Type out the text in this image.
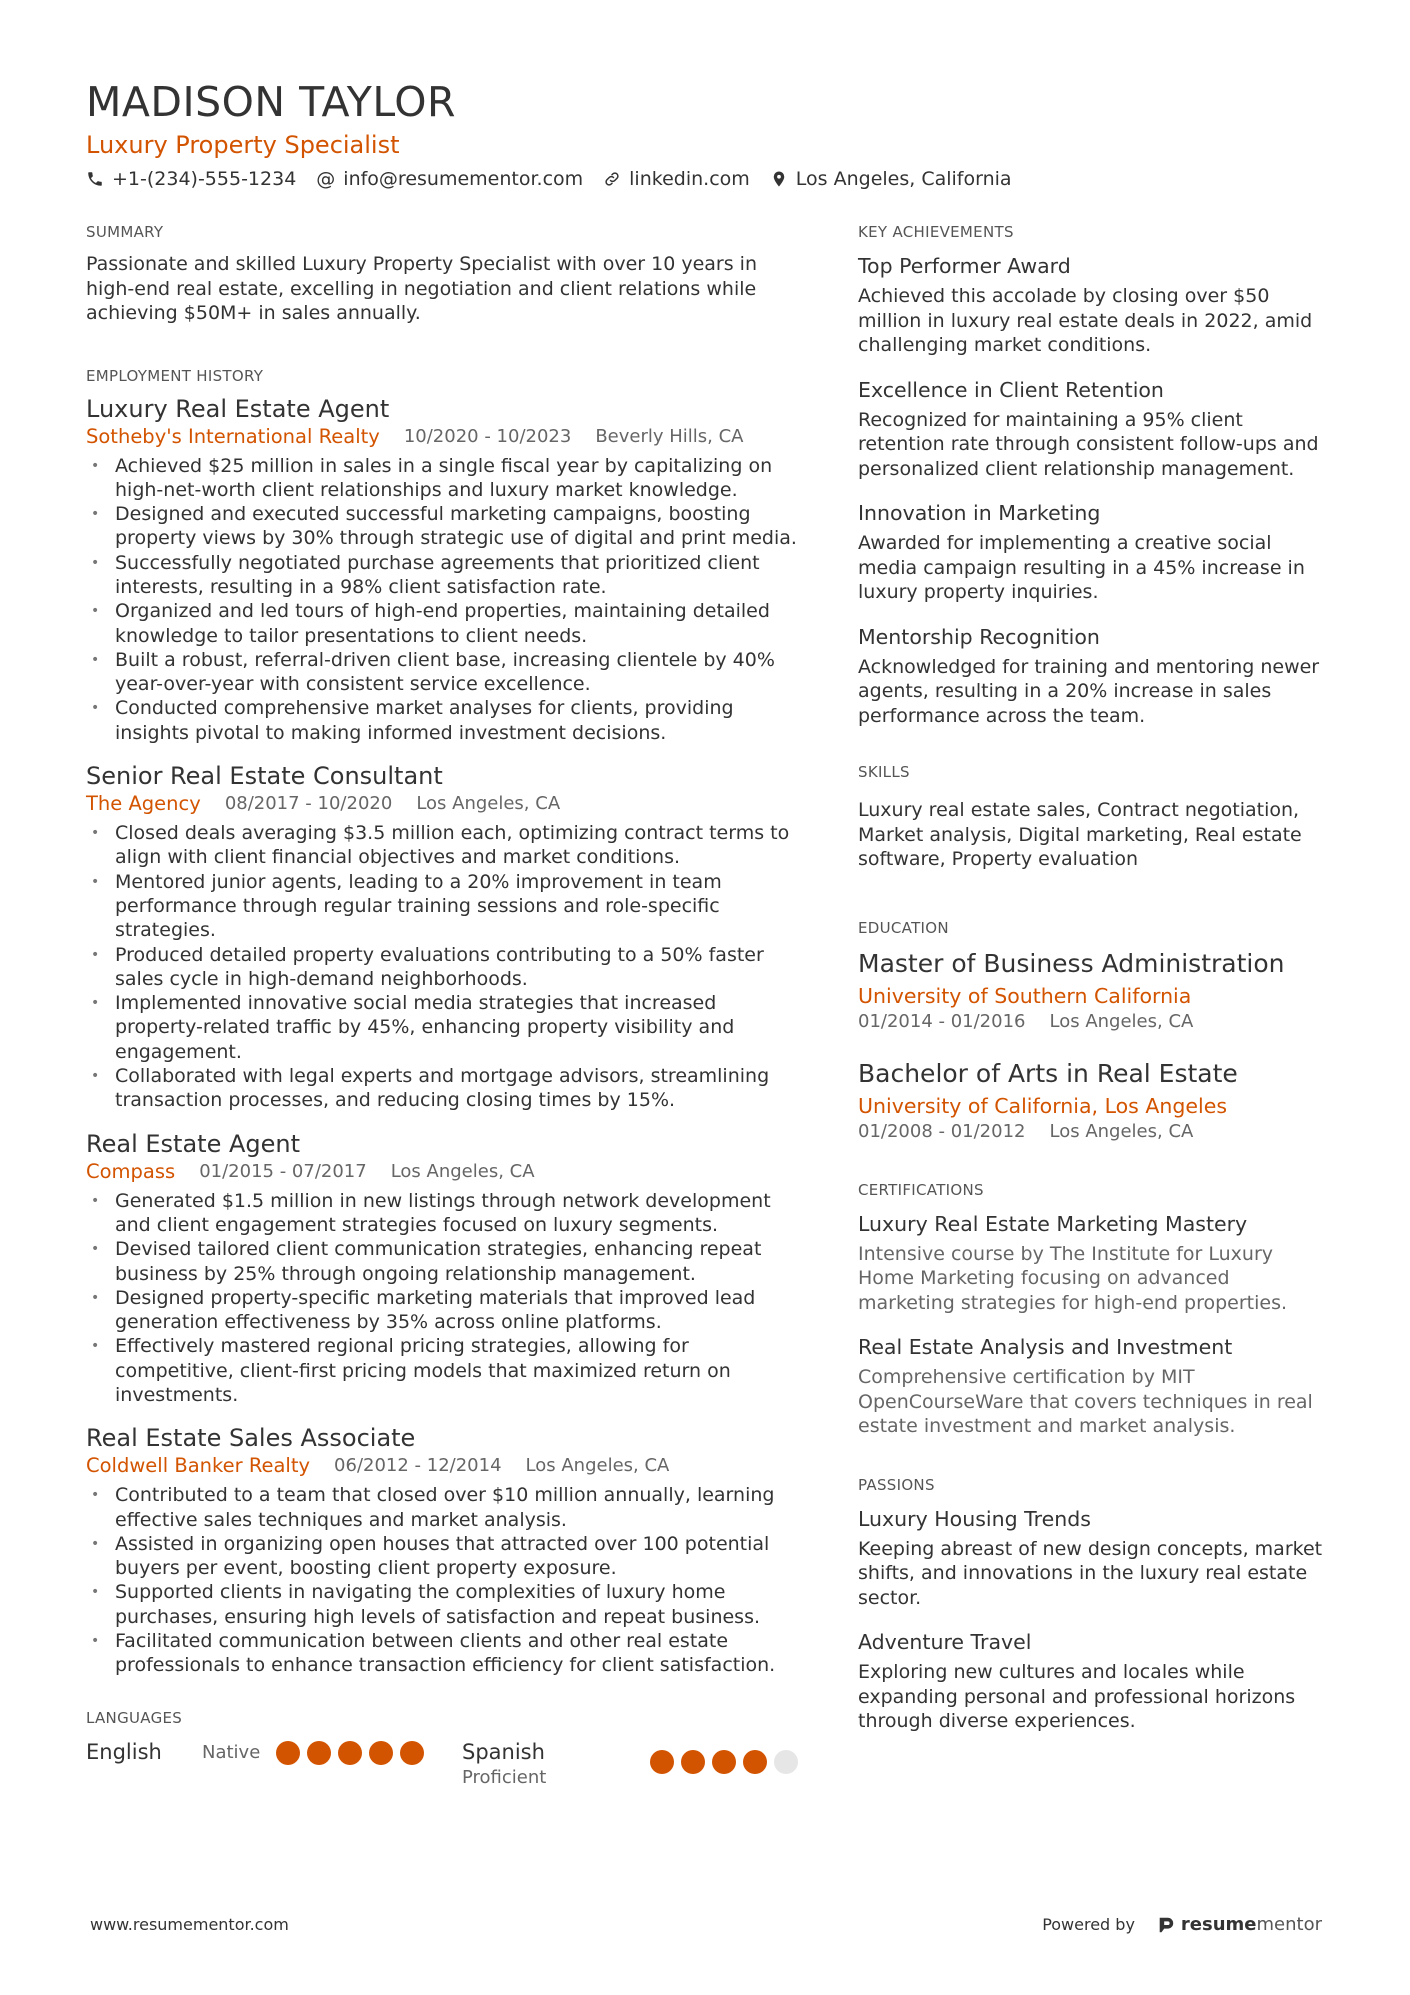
MADISON TAYLOR
Luxury Property Specialist
+1-(234)-555-1234 @ info@resumementor.com linkedin.com Los Angeles, California
SUMMARY
Passionate and skilled Luxury Property Specialist with over 10 years in high-end real estate, excelling in negotiation and client relations while achieving $50M+ in sales annually.
EMPLOYMENT HISTORY
Luxury Real Estate Agent
Sotheby's International Realty 10/2020 - 10/2023 Beverly Hills, CA
• Achieved $25 million in sales in a single fiscal year by capitalizing on high-net-worth client relationships and luxury market knowledge.
• Designed and executed successful marketing campaigns, boosting property views by 30% through strategic use of digital and print media.
• Successfully negotiated purchase agreements that prioritized client interests, resulting in a 98% client satisfaction rate.
• Organized and led tours of high-end properties, maintaining detailed knowledge to tailor presentations to client needs.
• Built a robust, referral-driven client base, increasing clientele by 40% year-over-year with consistent service excellence.
• Conducted comprehensive market analyses for clients, providing insights pivotal to making informed investment decisions.
Senior Real Estate Consultant
The Agency 08/2017 - 10/2020 Los Angeles, CA
• Closed deals averaging $3.5 million each, optimizing contract terms to align with client financial objectives and market conditions.
• Mentored junior agents, leading to a 20% improvement in team performance through regular training sessions and role-specific strategies.
• Produced detailed property evaluations contributing to a 50% faster sales cycle in high-demand neighborhoods.
• Implemented innovative social media strategies that increased property-related traffic by 45%, enhancing property visibility and engagement.
• Collaborated with legal experts and mortgage advisors, streamlining transaction processes, and reducing closing times by 15%.
Real Estate Agent
Compass 01/2015 - 07/2017 Los Angeles, CA
• Generated $1.5 million in new listings through network development and client engagement strategies focused on luxury segments.
• Devised tailored client communication strategies, enhancing repeat business by 25% through ongoing relationship management.
• Designed property-specific marketing materials that improved lead generation effectiveness by 35% across online platforms.
• Effectively mastered regional pricing strategies, allowing for competitive, client-first pricing models that maximized return on investments.
Real Estate Sales Associate
Coldwell Banker Realty 06/2012 - 12/2014 Los Angeles, CA
• Contributed to a team that closed over $10 million annually, learning effective sales techniques and market analysis.
• Assisted in organizing open houses that attracted over 100 potential buyers per event, boosting client property exposure.
• Supported clients in navigating the complexities of luxury home purchases, ensuring high levels of satisfaction and repeat business.
• Facilitated communication between clients and other real estate professionals to enhance transaction efficiency for client satisfaction.
LANGUAGES
English	Native	Spanish
Proficient
KEY ACHIEVEMENTS
Top Performer Award
Achieved this accolade by closing over $50 million in luxury real estate deals in 2022, amid challenging market conditions.
Excellence in Client Retention
Recognized for maintaining a 95% client retention rate through consistent follow-ups and personalized client relationship management.
Innovation in Marketing
Awarded for implementing a creative social media campaign resulting in a 45% increase in luxury property inquiries.
Mentorship Recognition
Acknowledged for training and mentoring newer agents, resulting in a 20% increase in sales performance across the team.
SKILLS
Luxury real estate sales, Contract negotiation, Market analysis, Digital marketing, Real estate software, Property evaluation
EDUCATION
Master of Business Administration
University of Southern California
01/2014 - 01/2016 Los Angeles, CA
Bachelor of Arts in Real Estate
University of California, Los Angeles
01/2008 - 01/2012 Los Angeles, CA
CERTIFICATIONS
Luxury Real Estate Marketing Mastery
Intensive course by The Institute for Luxury Home Marketing focusing on advanced marketing strategies for high-end properties.
Real Estate Analysis and Investment
Comprehensive certification by MIT OpenCourseWare that covers techniques in real estate investment and market analysis.
PASSIONS
Luxury Housing Trends
Keeping abreast of new design concepts, market shifts, and innovations in the luxury real estate sector.
Adventure Travel
Exploring new cultures and locales while expanding personal and professional horizons through diverse experiences.
www.resumementor.com	Powered by	resumementor
